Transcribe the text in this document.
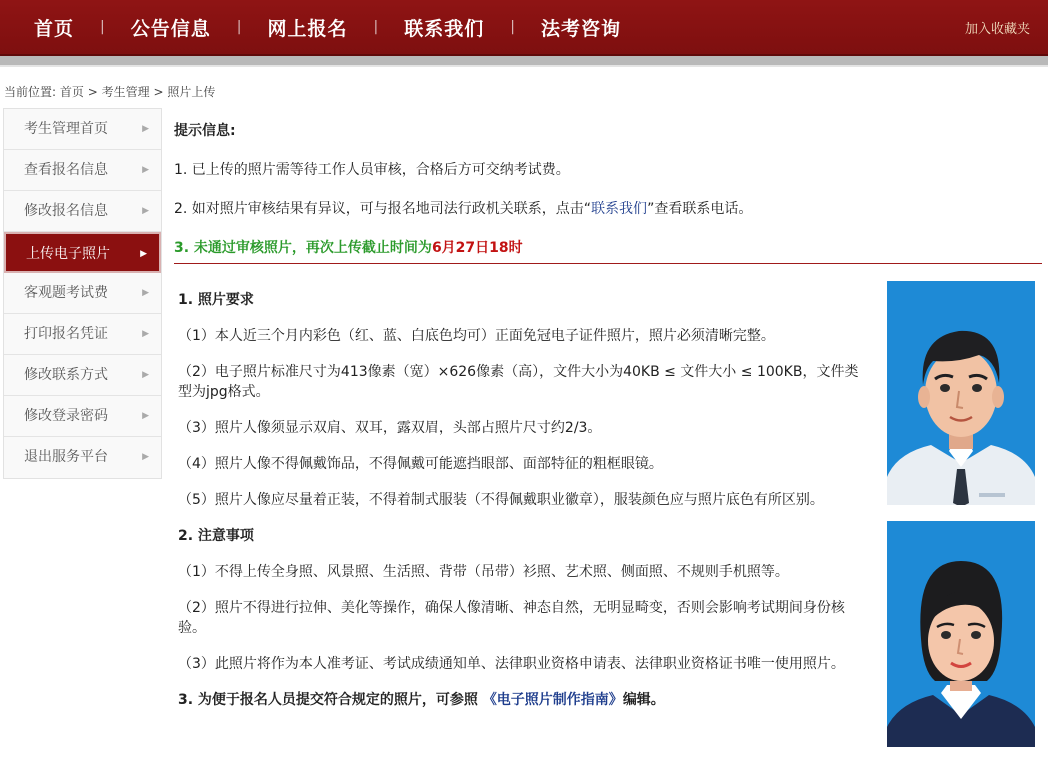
首页 | 公告信息 | 网上报名 | 联系我们 | 法考咨询	加入收藏夹
当前位置: 首页 > 考生管理 > 照片上传
考生管理首页	▶
查看报名信息	▶
修改报名信息	▶
上传电子照片	▶
客观题考试费	▶
打印报名凭证	▶
修改联系方式	▶
修改登录密码	▶
退出服务平台	▶
提示信息:
1. 已上传的照片需等待工作人员审核，合格后方可交纳考试费。
2. 如对照片审核结果有异议，可与报名地司法行政机关联系，点击“联系我们”查看联系电话。
3. 未通过审核照片，再次上传截止时间为6月27日18时
1. 照片要求
（1）本人近三个月内彩色（红、蓝、白底色均可）正面免冠电子证件照片，照片必须清晰完整。
（2）电子照片标准尺寸为413像素（宽）×626像素（高），文件大小为40KB ≤ 文件大小 ≤ 100KB，文件类型为jpg格式。
（3）照片人像须显示双肩、双耳，露双眉，头部占照片尺寸约2/3。
（4）照片人像不得佩戴饰品，不得佩戴可能遮挡眼部、面部特征的粗框眼镜。
（5）照片人像应尽量着正装，不得着制式服装（不得佩戴职业徽章），服装颜色应与照片底色有所区别。
2. 注意事项
（1）不得上传全身照、风景照、生活照、背带（吊带）衫照、艺术照、侧面照、不规则手机照等。
（2）照片不得进行拉伸、美化等操作，确保人像清晰、神态自然，无明显畸变，否则会影响考试期间身份核验。
（3）此照片将作为本人准考证、考试成绩通知单、法律职业资格申请表、法律职业资格证书唯一使用照片。
3. 为便于报名人员提交符合规定的照片，可参照 《电子照片制作指南》编辑。
